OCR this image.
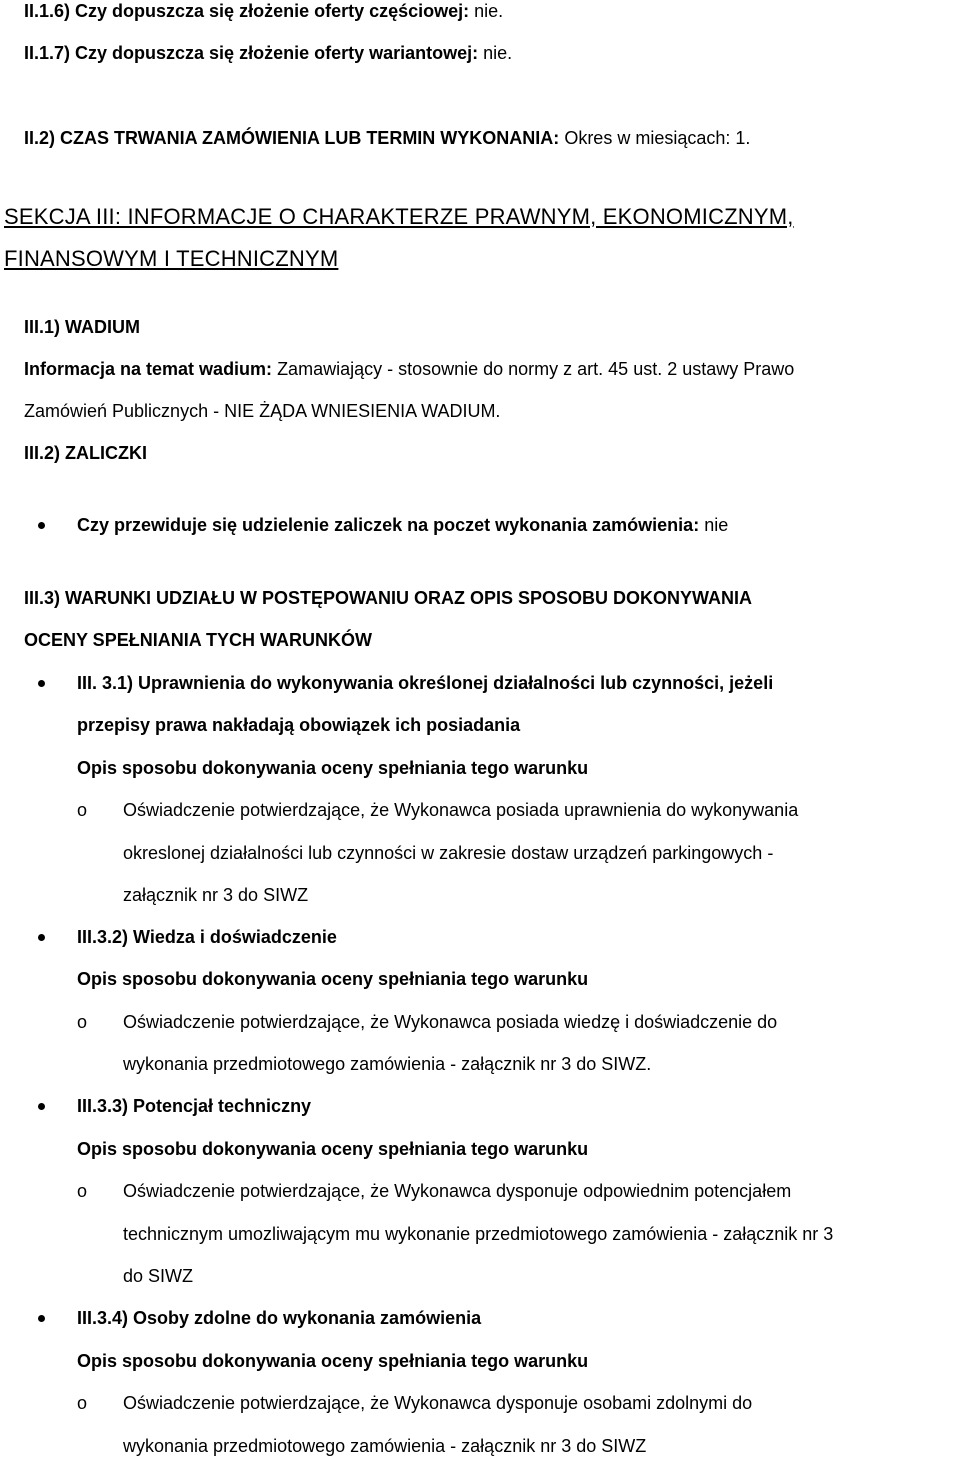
II.1.6) Czy dopuszcza się złożenie oferty częściowej: nie.
II.1.7) Czy dopuszcza się złożenie oferty wariantowej: nie.
II.2) CZAS TRWANIA ZAMÓWIENIA LUB TERMIN WYKONANIA: Okres w miesiącach: 1.
SEKCJA III: INFORMACJE O CHARAKTERZE PRAWNYM, EKONOMICZNYM,
FINANSOWYM I TECHNICZNYM
III.1) WADIUM
Informacja na temat wadium: Zamawiający - stosownie do normy z art. 45 ust. 2 ustawy Prawo
Zamówień Publicznych - NIE ŻĄDA WNIESIENIA WADIUM.
III.2) ZALICZKI
Czy przewiduje się udzielenie zaliczek na poczet wykonania zamówienia: nie
III.3) WARUNKI UDZIAŁU W POSTĘPOWANIU ORAZ OPIS SPOSOBU DOKONYWANIA
OCENY SPEŁNIANIA TYCH WARUNKÓW
III. 3.1) Uprawnienia do wykonywania określonej działalności lub czynności, jeżeli
przepisy prawa nakładają obowiązek ich posiadania
Opis sposobu dokonywania oceny spełniania tego warunku
o Oświadczenie potwierdzające, że Wykonawca posiada uprawnienia do wykonywania
okreslonej działalności lub czynności w zakresie dostaw urządzeń parkingowych -
załącznik nr 3 do SIWZ
III.3.2) Wiedza i doświadczenie
Opis sposobu dokonywania oceny spełniania tego warunku
o Oświadczenie potwierdzające, że Wykonawca posiada wiedzę i doświadczenie do
wykonania przedmiotowego zamówienia - załącznik nr 3 do SIWZ.
III.3.3) Potencjał techniczny
Opis sposobu dokonywania oceny spełniania tego warunku
o Oświadczenie potwierdzające, że Wykonawca dysponuje odpowiednim potencjałem
technicznym umozliwającym mu wykonanie przedmiotowego zamówienia - załącznik nr 3
do SIWZ
III.3.4) Osoby zdolne do wykonania zamówienia
Opis sposobu dokonywania oceny spełniania tego warunku
o Oświadczenie potwierdzające, że Wykonawca dysponuje osobami zdolnymi do
wykonania przedmiotowego zamówienia - załącznik nr 3 do SIWZ
